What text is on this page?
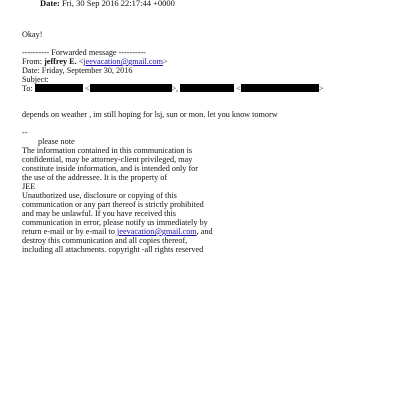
Date: Fri, 30 Sep 2016 22:17:44 +0000
Okay!
---------- Forwarded message ----------
From: jeffrey E. <jeevacation@gmail.com>
Date: Friday, September 30, 2016
Subject:
To:	<	>,	<	>
depends on weather , im still hoping for lsj, sun or mon. let you know tomorw
--
please note
The information contained in this communication is
confidential, may be attorney-client privileged, may
constitute inside information, and is intended only for
the use of the addressee. It is the property of
JEE
Unauthorized use, disclosure or copying of this
communication or any part thereof is strictly prohibited
and may be unlawful. If you have received this
communication in error, please notify us immediately by
return e-mail or by e-mail to jeevacation@gmail.com, and
destroy this communication and all copies thereof,
including all attachments. copyright -all rights reserved
